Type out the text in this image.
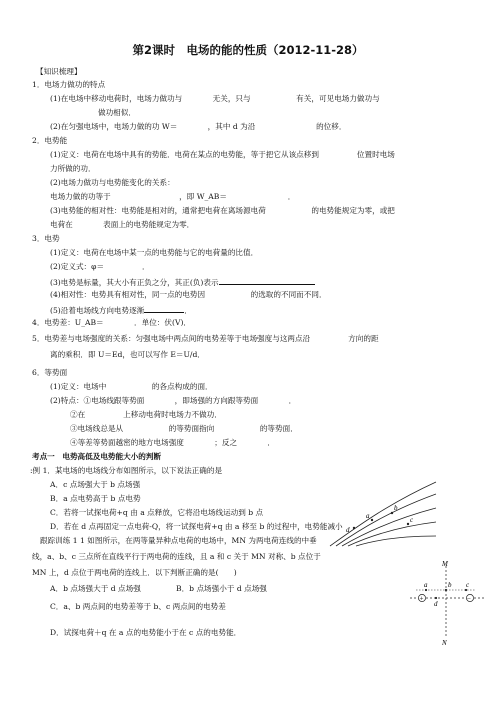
第2课时　电场的能的性质（2012-11-28）
【知识梳理】
1．电场力做功的特点
(1)在电场中移动电荷时，电场力做功与　　　　无关，只与　　　　　　有关，可见电场力做功与
做功相似．
(2)在匀强电场中，电场力做的功 W＝　　　　，其中 d 为沿　　　　　　　　的位移．
2．电势能
(1)定义：电荷在电场中具有的势能．电荷在某点的电势能，等于把它从该点移到　　　　　位置时电场
力所做的功．
(2)电场力做功与电势能变化的关系：
电场力做的功等于　　　　　　　　　，即 W_AB＝　　　　　　　　．
(3)电势能的相对性：电势能是相对的，通常把电荷在离场源电荷　　　　　　的电势能规定为零，或把
电荷在　　　　表面上的电势能规定为零．
3．电势
(1)定义：电荷在电场中某一点的电势能与它的电荷量的比值．
(2)定义式：φ＝　　　　　．
(3)电势是标量，其大小有正负之分，其正(负)表示
(4)相对性：电势具有相对性，同一点的电势因　　　　　　的选取的不同而不同．
(5)沿着电场线方向电势逐渐	．
4．电势差：U_AB＝　　　　．单位：伏(V)．
5．电势差与电场强度的关系：匀强电场中两点间的电势差等于电场强度与这两点沿　　　　　方向的距
离的乘积．即 U＝Ed，也可以写作 E＝U/d．
6．等势面
(1)定义：电场中　　　　　　的各点构成的面．
(2)特点：①电场线跟等势面　　　　，即场强的方向跟等势面　　　　．
②在　　　　　上移动电荷时电场力不做功．
③电场线总是从　　　　　　的等势面指向　　　　　　的等势面．
④等差等势面越密的地方电场强度　　　　；反之　　　　．
考点一　电势高低及电势能大小的判断
:例 1．某电场的电场线分布如图所示，以下说法正确的是
A．c 点场强大于 b 点场强
B．a 点电势高于 b 点电势
C．若将一试探电荷+q 由 a 点释放，它将沿电场线运动到 b 点
D．若在 d 点再固定一点电荷-Q，将一试探电荷+q 由 a 移至 b 的过程中，电势能减小
跟踪训练 1 1 如图所示，在两等量异种点电荷的电场中，MN 为两电荷连线的中垂
线，a、b、c 三点所在直线平行于两电荷的连线，且 a 和 c 关于 MN 对称、b 点位于
MN 上，d 点位于两电荷的连线上．以下判断正确的是(　　)
A．b 点场强大于 d 点场强	B．b 点场强小于 d 点场强
C．a、b 两点间的电势差等于 b、c 两点间的电势差
D．试探电荷＋q 在 a 点的电势能小于在 c 点的电势能．
a
b
c
d
+	−
M
a	b c
d
N
